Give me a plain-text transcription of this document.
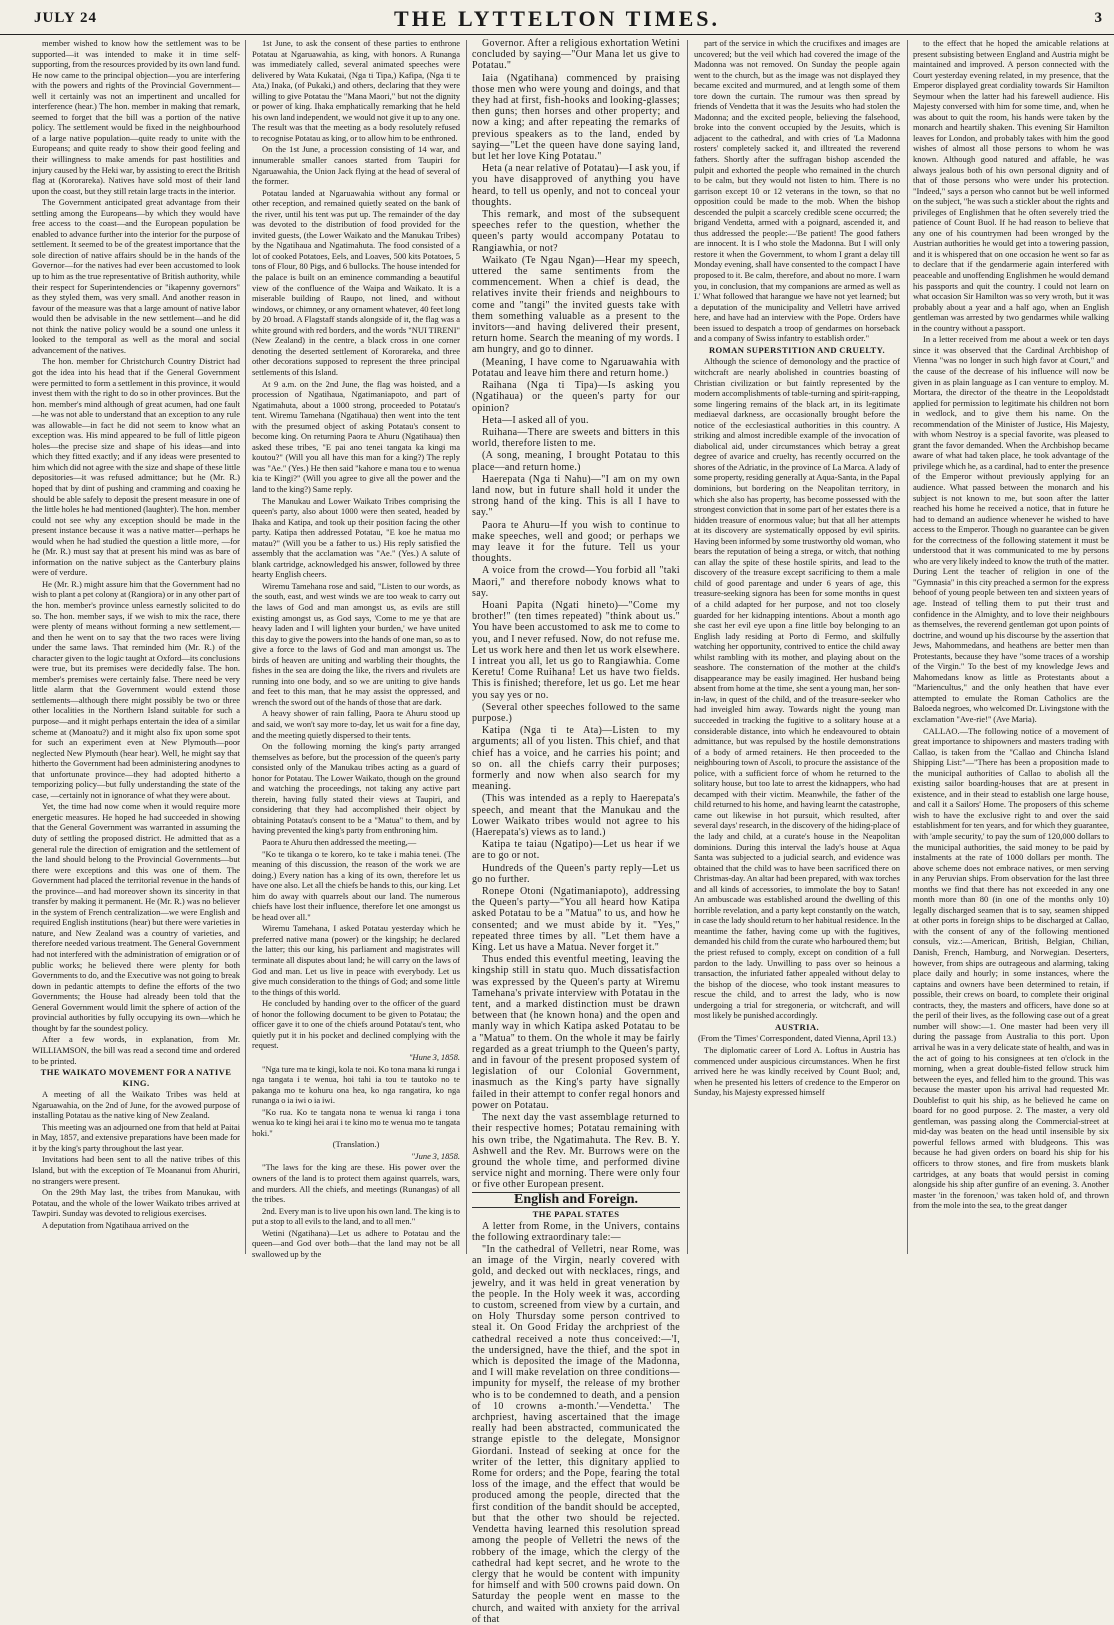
JULY 24	THE LYTTELTON TIMES.	3

member wished to know how the settlement was to be supported—it was intended to make it in time self-supporting, from the resources provided by its own land fund. He now came to the principal objection—you are interfering with the powers and rights of the Provincial Government—well it certainly was not an impertinent and uncalled for interference (hear.) The hon. member in making that remark, seemed to forget that the bill was a portion of the native policy. The settlement would be fixed in the neighbourhood of a large native population—quite ready to unite with the Europeans; and quite ready to show their good feeling and their willingness to make amends for past hostilities and injury caused by the Heki war, by assisting to erect the British flag at (Kororareka). Natives have sold most of their land upon the coast, but they still retain large tracts in the interior.

The Government anticipated great advantage from their settling among the Europeans—by which they would have free access to the coast—and the European population be enabled to advance further into the interior for the purpose of settlement. It seemed to be of the greatest importance that the sole direction of native affairs should be in the hands of the Governor—for the natives had ever been accustomed to look up to him as the true representative of British authority, while their respect for Superintendencies or "ikapenny governors" as they styled them, was very small. And another reason in favour of the measure was that a large amount of native labor would then be advisable in the new settlement—and he did not think the native policy would be a sound one unless it looked to the temporal as well as the moral and social advancement of the natives.

The hon. member for Christchurch Country District had got the idea into his head that if the General Government were permitted to form a settlement in this province, it would invest them with the right to do so in other provinces. But the hon. member's mind although of great acumen, had one fault—he was not able to understand that an exception to any rule was allowable—in fact he did not seem to know what an exception was. His mind appeared to be full of little pigeon holes—the precise size and shape of his ideas—and into which they fitted exactly; and if any ideas were presented to him which did not agree with the size and shape of these little depositories—it was refused admittance; but he (Mr. R.) hoped that by dint of pushing and cramming and coaxing he should be able safely to deposit the present measure in one of the little holes he had mentioned (laughter). The hon. member could not see why any exception should be made in the present instance because it was a native matter—perhaps he would when he had studied the question a little more, —for he (Mr. R.) must say that at present his mind was as bare of information on the native subject as the Canterbury plains were of verdure.

He (Mr. R.) might assure him that the Government had no wish to plant a pet colony at (Rangiora) or in any other part of the hon. member's province unless earnestly solicited to do so. The hon. member says, if we wish to mix the race, there were plenty of means without forming a new settlement,—and then he went on to say that the two races were living under the same laws. That reminded him (Mr. R.) of the character given to the logic taught at Oxford—its conclusions were true, but its premises were decidedly false. The hon. member's premises were certainly false. There need be very little alarm that the Government would extend those settlements—although there might possibly be two or three other localities in the Northern Island suitable for such a purpose—and it might perhaps entertain the idea of a similar scheme at (Manoatu?) and it might also fix upon some spot for such an experiment even at New Plymouth—poor neglected New Plymouth (hear hear). Well, he might say that hitherto the Government had been administering anodynes to that unfortunate province—they had adopted hitherto a temporizing policy—but fully understanding the state of the case, —certainly not in ignorance of what they were about.

Yet, the time had now come when it would require more energetic measures. He hoped he had succeeded in showing that the General Government was warranted in assuming the duty of settling the proposed district. He admitted that as a general rule the direction of emigration and the settlement of the land should belong to the Provincial Governments—but there were exceptions and this was one of them. The Government had placed the territorial revenue in the hands of the province—and had moreover shown its sincerity in that transfer by making it permanent. He (Mr. R.) was no believer in the system of French centralization—we were English and required English institutions (hear) but there were varieties in nature, and New Zealand was a country of varieties, and therefore needed various treatment. The General Government had not interfered with the administration of emigration or of public works; he believed there were plenty for both Governments to do, and the Executive was not going to break down in pedantic attempts to define the efforts of the two Governments; the House had already been told that the General Government would limit the sphere of action of the provincial authorities by fully occupying its own—which he thought by far the soundest policy.

After a few words, in explanation, from Mr. WILLIAMSON, the bill was read a second time and ordered to be printed.

THE WAIKATO MOVEMENT FOR A NATIVE KING.

A meeting of all the Waikato Tribes was held at Ngaruawahia, on the 2nd of June, for the avowed purpose of installing Potatau as the native king of New Zealand.

This meeting was an adjourned one from that held at Paitai in May, 1857, and extensive preparations have been made for it by the king's party throughout the last year.

Invitations had been sent to all the native tribes of this Island, but with the exception of Te Moananui from Ahuriri, no strangers were present.

On the 29th May last, the tribes from Manukau, with Potatau, and the whole of the lower Waikato tribes arrived at Tawpiri. Sunday was devoted to religious exercises.

A deputation from Ngatihaua arrived on the

1st June, to ask the consent of these parties to enthrone Potatau at Ngaruawahia, as king, with honors. A Runanga was immediately called, several animated speeches were delivered by Wata Kukatai, (Nga ti Tipa,) Kafipa, (Nga ti te Ata,) Inaka, (of Pukaki,) and others, declaring that they were willing to give Potatau the "Mana Maori," but not the dignity or power of king. Ihaka emphatically remarking that he held his own land independent, we would not give it up to any one. The result was that the meeting as a body resolutely refused to recognise Potatau as king, or to allow him to be enthroned.

On the 1st June, a procession consisting of 14 war, and innumerable smaller canoes started from Taupiri for Ngaruawahia, the Union Jack flying at the head of several of the former.

Potatau landed at Ngaruawahia without any formal or other reception, and remained quietly seated on the bank of the river, until his tent was put up. The remainder of the day was devoted to the distribution of food provided for the invited guests, (the Lower Waikato and the Manukau Tribes) by the Ngatihaua and Ngatimahuta. The food consisted of a lot of cooked Potatoes, Eels, and Loaves, 500 kits Potatoes, 5 tons of Flour, 80 Pigs, and 6 bullocks. The house intended for the palace is built on an eminence commanding a beautiful view of the confluence of the Waipa and Waikato. It is a miserable building of Raupo, not lined, and without windows, or chimney, or any ornament whatever, 40 feet long by 20 broad. A Flagstaff stands alongside of it, the flag was a white ground with red borders, and the words "NUI TIRENI" (New Zealand) in the centre, a black cross in one corner denoting the deserted settlement of Kororareka, and three other decorations supposed to represent the three principal settlements of this Island.

At 9 a.m. on the 2nd June, the flag was hoisted, and a procession of Ngatihaua, Ngatimaniapoto, and part of Ngatimahuta, about a 1000 strong, proceeded to Potatau's tent. Wiremu Tamehana (Ngatihaua) then went into the tent with the presumed object of asking Potatau's consent to become king. On returning Paora te Ahuru (Ngatihaua) then asked these tribes, "E pai ano tenei tangata ka kingi ma koutou?" (Will you all have this man for a king?) The reply was "Ae." (Yes.) He then said "kahore e mana tou e to wenua kia te Kingi?" (Will you agree to give all the power and the land to the king?) Same reply.

The Manukau and Lower Waikato Tribes comprising the queen's party, also about 1000 were then seated, headed by Ihaka and Katipa, and took up their position facing the other party. Katipa then addressed Potatau, "E koe he matua mo matau?" (Will you be a father to us.) His reply satisfied the assembly that the acclamation was "Ae." (Yes.) A salute of blank cartridge, acknowledged his answer, followed by three hearty English cheers.

Wiremu Tamehana rose and said, "Listen to our words, as the south, east, and west winds we are too weak to carry out the laws of God and man amongst us, as evils are still existing amongst us, as God says, 'Come to me ye that are heavy laden and I will lighten your burden,' we have united this day to give the powers into the hands of one man, so as to give a force to the laws of God and man amongst us. The birds of heaven are uniting and warbling their thoughts, the fishes in the sea are doing the like, the rivers and rivulets are running into one body, and so we are uniting to give hands and feet to this man, that he may assist the oppressed, and wrench the sword out of the hands of those that are dark.

A heavy shower of rain falling, Paora te Ahuru stood up and said, we won't say more to-day, let us wait for a fine day, and the meeting quietly dispersed to their tents.

On the following morning the king's party arranged themselves as before, but the procession of the queen's party consisted only of the Manukau tribes acting as a guard of honor for Potatau. The Lower Waikato, though on the ground and watching the proceedings, not taking any active part therein, having fully stated their views at Taupiri, and considering that they had accomplished their object by obtaining Potatau's consent to be a "Matua" to them, and by having prevented the king's party from enthroning him.

Paora te Ahuru then addressed the meeting,—

"Ko te tikanga o te korero, ko te take i mahia tenei. (The meaning of this discussion, the reason of the work we are doing.) Every nation has a king of its own, therefore let us have one also. Let all the chiefs be hands to this, our king. Let him do away with quarrels about our land. The numerous chiefs have lost their influence, therefore let one amongst us be head over all."

Wiremu Tamehana, I asked Potatau yesterday which he preferred native mana (power) or the kingship; he declared the latter; this our king, his parliament and magistrates will terminate all disputes about land; he will carry on the laws of God and man. Let us live in peace with everybody. Let us give much consideration to the things of God; and some little to the things of this world.

He concluded by handing over to the officer of the guard of honor the following document to be given to Potatau; the officer gave it to one of the chiefs around Potatau's tent, who quietly put it in his pocket and declined complying with the request.

"Hune 3, 1858.

"Nga ture ma te kingi, kola te noi. Ko tona mana ki runga i nga tangata i te wenua, hoi tahi ia tou te tautoko no te pakanga mo te kohuru ona hea, ko nga rangatira, ko nga runanga o ia iwi o ia iwi.

"Ko rua. Ko te tangata nona te wenua ki ranga i tona wenua ko te kingi hei arai i te kino mo te wenua mo te tangata hoki."

(Translation.)

"June 3, 1858.

"The laws for the king are these. His power over the owners of the land is to protect them against quarrels, wars, and murders. All the chiefs, and meetings (Runangas) of all the tribes.

2nd. Every man is to live upon his own land. The king is to put a stop to all evils to the land, and to all men."

Wetini (Ngatihana)—Let us adhere to Potatau and the queen—and God over both—that the land may not be all swallowed up by the

Governor. After a religious exhortation Wetini concluded by saying—"Our Mana let us give to Potatau."

Iaia (Ngatihana) commenced by praising those men who were young and doings, and that they had at first, fish-hooks and looking-glasses; then guns; then horses and other property; and now a king; and after repeating the remarks of previous speakers as to the land, ended by saying—"Let the queen have done saying land, but let her love King Potatau."

Heta (a near relative of Potatau)—I ask you, if you have disapproved of anything you have heard, to tell us openly, and not to conceal your thoughts.

This remark, and most of the subsequent speeches refer to the question, whether the queen's party would accompany Potatau to Rangiawhia, or not?

Waikato (Te Ngau Ngan)—Hear my speech, uttered the same sentiments from the commencement. When a chief is dead, the relatives invite their friends and neighbours to come and "tangi" the invited guests take with them something valuable as a present to the invitors—and having delivered their present, return home. Search the meaning of my words. I am hungry, and go to dinner.

(Meaning, I have come to Ngaruawahia with Potatau and leave him there and return home.)

Raihana (Nga ti Tipa)—Is asking you (Ngatihaua) or the queen's party for our opinion?

Heta—I asked all of you.

Ruihana—There are sweets and bitters in this world, therefore listen to me.

(A song, meaning, I brought Potatau to this place—and return home.)

Haerepata (Nga ti Nahu)—"I am on my own land now, but in future shall hold it under the strong hand of the king. This is all I have to say."

Paora te Ahuru—If you wish to continue to make speeches, well and good; or perhaps we may leave it for the future. Tell us your thoughts.

A voice from the crowd—You forbid all "taki Maori," and therefore nobody knows what to say.

Hoani Papita (Ngati hineto)—"Come my brother!" (ten times repeated) "think about us." You have been accustomed to ask me to come to you, and I never refused. Now, do not refuse me. Let us work here and then let us work elsewhere. I intreat you all, let us go to Rangiawhia. Come Keretu! Come Ruihana! Let us have two fields. This is finished; therefore, let us go. Let me hear you say yes or no.

(Several other speeches followed to the same purpose.)

Katipa (Nga ti te Ata)—Listen to my arguments; all of you listen. This chief, and that chief has a voice, and he carries his point; and so on. all the chiefs carry their purposes; formerly and now when also search for my meaning.

(This was intended as a reply to Haerepata's speech, and meant that the Manukau and the Lower Waikato tribes would not agree to his (Haerepata's) views as to land.)

Katipa te taiau (Ngatipo)—Let us hear if we are to go or not.

Hundreds of the Queen's party reply—Let us go no further.

Ronepe Otoni (Ngatimaniapoto), addressing the Queen's party—"You all heard how Katipa asked Potatau to be a "Matua" to us, and how he consented; and we must abide by it. "Yes," repeated three times by all. "Let them have a King. Let us have a Matua. Never forget it."

Thus ended this eventful meeting, leaving the kingship still in statu quo. Much dissatisfaction was expressed by the Queen's party at Wiremu Tamehana's private interview with Potatau in the tent, and a marked distinction must be drawn between that (he known hona) and the open and manly way in which Katipa asked Potatau to be a "Matua" to them. On the whole it may be fairly regarded as a great triumph to the Queen's party, and in favour of the present proposed system of legislation of our Colonial Government, inasmuch as the King's party have signally failed in their attempt to confer regal honors and power on Potatau.

The next day the vast assemblage returned to their respective homes; Potatau remaining with his own tribe, the Ngatimahuta. The Rev. B. Y. Ashwell and the Rev. Mr. Burrows were on the ground the whole time, and performed divine service night and morning. There were only four or five other European present.

English and Foreign.

THE PAPAL STATES

A letter from Rome, in the Univers, contains the following extraordinary tale:—

"In the cathedral of Velletri, near Rome, was an image of the Virgin, nearly covered with gold, and decked out with necklaces, rings, and jewelry, and it was held in great veneration by the people. In the Holy week it was, according to custom, screened from view by a curtain, and on Holy Thursday some person contrived to steal it. On Good Friday the archpriest of the cathedral received a note thus conceived:—'I, the undersigned, have the thief, and the spot in which is deposited the image of the Madonna, and I will make revelation on three conditions—impunity for myself, the release of my brother who is to be condemned to death, and a pension of 10 crowns a-month.'—Vendetta.' The archpriest, having ascertained that the image really had been abstracted, communicated the strange epistle to the delegate, Monsignor Giordani. Instead of seeking at once for the writer of the letter, this dignitary applied to Rome for orders; and the Pope, fearing the total loss of the image, and the effect that would be produced among the people, directed that the first condition of the bandit should be accepted, but that the other two should be rejected. Vendetta having learned this resolution spread among the people of Velletri the news of the robbery of the image, which the clergy of the cathedral had kept secret, and he wrote to the clergy that he would be content with impunity for himself and with 500 crowns paid down. On Saturday the people went en masse to the church, and waited with anxiety for the arrival of that

part of the service in which the crucifixes and images are uncovered; but the veil which had covered the image of the Madonna was not removed. On Sunday the people again went to the church, but as the image was not displayed they became excited and murmured, and at length some of them tore down the curtain. The rumour was then spread by friends of Vendetta that it was the Jesuits who had stolen the Madonna; and the excited people, believing the falsehood, broke into the convent occupied by the Jesuits, which is adjacent to the cathedral, and with cries of 'La Madonna rosters' completely sacked it, and illtreated the reverend fathers. Shortly after the suffragan bishop ascended the pulpit and exhorted the people who remained in the church to be calm, but they would not listen to him. There is no garrison except 10 or 12 veterans in the town, so that no opposition could be made to the mob. When the bishop descended the pulpit a scarcely credible scene occurred; the brigand Vendetta, armed with a poignard, ascended it, and thus addressed the people:—'Be patient! The good fathers are innocent. It is I who stole the Madonna. But I will only restore it when the Government, to whom I grant a delay till Monday evening, shall have consented to the compact I have proposed to it. Be calm, therefore, and about no more. I warn you, in conclusion, that my companions are armed as well as I.' What followed that harangue we have not yet learned; but a deputation of the municipality and Velletri have arrived here, and have had an interview with the Pope. Orders have been issued to despatch a troop of gendarmes on horseback and a company of Swiss infantry to establish order."

ROMAN SUPERSTITION AND CRUELTY.

Although the science of demonology and the practice of witchcraft are nearly abolished in countries boasting of Christian civilization or but faintly represented by the modern accomplishments of table-turning and spirit-rapping, some lingering remains of the black art, in its legitimate mediaeval darkness, are occasionally brought before the notice of the ecclesiastical authorities in this country. A striking and almost incredible example of the invocation of diabolical aid, under circumstances which betray a great degree of avarice and cruelty, has recently occurred on the shores of the Adriatic, in the province of La Marca. A lady of some property, residing generally at Aqua-Santa, in the Papal dominions, but bordering on the Neapolitan territory, in which she also has property, has become possessed with the strongest conviction that in some part of her estates there is a hidden treasure of enormous value; but that all her attempts at its discovery are systematically opposed by evil spirits. Having been informed by some trustworthy old woman, who bears the reputation of being a strega, or witch, that nothing can allay the spite of these hostile spirits, and lead to the discovery of the treasure except sacrificing to them a male child of good parentage and under 6 years of age, this treasure-seeking signora has been for some months in quest of a child adapted for her purpose, and not too closely guarded for her kidnapping intentions. About a month ago she cast her evil eye upon a fine little boy belonging to an English lady residing at Porto di Fermo, and skilfully watching her opportunity, contrived to entice the child away whilst rambling with its mother, and playing about on the seashore. The consternation of the mother at the child's disappearance may be easily imagined. Her husband being absent from home at the time, she sent a young man, her son-in-law, in quest of the child, and of the treasure-seeker who had inveigled him away. Towards night the young man succeeded in tracking the fugitive to a solitary house at a considerable distance, into which he endeavoured to obtain admittance, but was repulsed by the hostile demonstrations of a body of armed retainers. He then proceeded to the neighbouring town of Ascoli, to procure the assistance of the police, with a sufficient force of whom he returned to the solitary house, but too late to arrest the kidnappers, who had decamped with their victim. Meanwhile, the father of the child returned to his home, and having learnt the catastrophe, came out likewise in hot pursuit, which resulted, after several days' research, in the discovery of the hiding-place of the lady and child, at a curate's house in the Neapolitan dominions. During this interval the lady's house at Aqua Santa was subjected to a judicial search, and evidence was obtained that the child was to have been sacrificed there on Christmas-day. An altar had been prepared, with wax torches and all kinds of accessories, to immolate the boy to Satan! An ambuscade was established around the dwelling of this horrible revelation, and a party kept constantly on the watch, in case the lady should return to her habitual residence. In the meantime the father, having come up with the fugitives, demanded his child from the curate who harboured them; but the priest refused to comply, except on condition of a full pardon to the lady. Unwilling to pass over so heinous a transaction, the infuriated father appealed without delay to the bishop of the diocese, who took instant measures to rescue the child, and to arrest the lady, who is now undergoing a trial for stregoneria, or witchcraft, and will most likely be punished accordingly.

AUSTRIA.

(From the 'Times' Correspondent, dated Vienna, April 13.)

The diplomatic career of Lord A. Loftus in Austria has commenced under auspicious circumstances. When he first arrived here he was kindly received by Count Buol; and, when he presented his letters of credence to the Emperor on Sunday, his Majesty expressed himself

to the effect that he hoped the amicable relations at present subsisting between England and Austria might be maintained and improved. A person connected with the Court yesterday evening related, in my presence, that the Emperor displayed great cordiality towards Sir Hamilton Seymour when the latter had his farewell audience. His Majesty conversed with him for some time, and, when he was about to quit the room, his hands were taken by the monarch and heartily shaken. This evening Sir Hamilton leaves for London, and probably takes with him the good wishes of almost all those persons to whom he was known. Although good natured and affable, he was always jealous both of his own personal dignity and of that of those persons who were under his protection. "Indeed," says a person who cannot but be well informed on the subject, "he was such a stickler about the rights and privileges of Englishmen that he often severely tried the patience of Count Buol. If he had reason to believe that any one of his countrymen had been wronged by the Austrian authorities he would get into a towering passion, and it is whispered that on one occasion he went so far as to declare that if the gendarmerie again interfered with peaceable and unoffending Englishmen he would demand his passports and quit the country. I could not learn on what occasion Sir Hamilton was so very wroth, but it was probably about a year and a half ago, when an English gentleman was arrested by two gendarmes while walking in the country without a passport.

In a letter received from me about a week or ten days since it was observed that the Cardinal Archbishop of Vienna "was no longer in such high favor at Court," and the cause of the decrease of his influence will now be given in as plain language as I can venture to employ. M. Mortara, the director of the theatre in the Leopoldstadt applied for permission to legitimate his children not born in wedlock, and to give them his name. On the recommendation of the Minister of Justice, His Majesty, with whom Nestroy is a special favorite, was pleased to grant the favor demanded. When the Archbishop became aware of what had taken place, he took advantage of the privilege which he, as a cardinal, had to enter the presence of the Emperor without previously applying for an audience. What passed between the monarch and his subject is not known to me, but soon after the latter reached his home he received a notice, that in future he had to demand an audience whenever he wished to have access to the Emperor. Though no guarantee can be given for the correctness of the following statement it must be understood that it was communicated to me by persons who are very likely indeed to know the truth of the matter. During Lent the teacher of religion in one of the "Gymnasia" in this city preached a sermon for the express behoof of young people between ten and sixteen years of age. Instead of telling them to put their trust and confidence in the Almighty, and to love their neighbours as themselves, the reverend gentleman got upon points of doctrine, and wound up his discourse by the assertion that Jews, Mahommedans, and heathens are better men than Protestants, because they have "some traces of a worship of the Virgin." To the best of my knowledge Jews and Mahomedans know as little as Protestants about a "Mariencultus," and the only heathen that have ever attempted to emulate the Roman Catholics are the Baloeda negroes, who welcomed Dr. Livingstone with the exclamation "Ave-rie!" (Ave Maria).

CALLAO.—The following notice of a movement of great importance to shipowners and masters trading with Callao, is taken from the "Callao and Chincha Island Shipping List:"—"There has been a proposition made to the municipal authorities of Callao to abolish all the existing sailor boarding-houses that are at present in existence, and in their stead to establish one large house, and call it a Sailors' Home. The proposers of this scheme wish to have the exclusive right to and over the said establishment for ten years, and for which they guarantee, with 'ample security,' to pay the sum of 120,000 dollars to the municipal authorities, the said money to be paid by instalments at the rate of 1000 dollars per month. The above scheme does not embrace natives, or men serving in any Peruvian ships. From observation for the last three months we find that there has not exceeded in any one month more than 80 (in one of the months only 10) legally discharged seamen that is to say, seamen shipped at other ports in foreign ships to be discharged at Callao, with the consent of any of the following mentioned consuls, viz.:—American, British, Belgian, Chilian, Danish, French, Hamburg, and Norwegian. Deserters, however, from ships are outrageous and alarming, taking place daily and hourly; in some instances, where the captains and owners have been determined to retain, if possible, their crews on board, to complete their original contracts, they, the masters and officers, have done so at the peril of their lives, as the following case out of a great number will show:—1. One master had been very ill during the passage from Australia to this port. Upon arrival he was in a very delicate state of health, and was in the act of going to his consignees at ten o'clock in the morning, when a great double-fisted fellow struck him between the eyes, and felled him to the ground. This was because the master upon his arrival had requested Mr. Doublefist to quit his ship, as he believed he came on board for no good purpose. 2. The master, a very old gentleman, was passing along the Commercial-street at mid-day was beaten on the head until insensible by six powerful fellows armed with bludgeons. This was because he had given orders on board his ship for his officers to throw stones, and fire from muskets blank cartridges, at any boats that would persist in coming alongside his ship after gunfire of an evening. 3. Another master 'in the forenoon,' was taken hold of, and thrown from the mole into the sea, to the great danger
